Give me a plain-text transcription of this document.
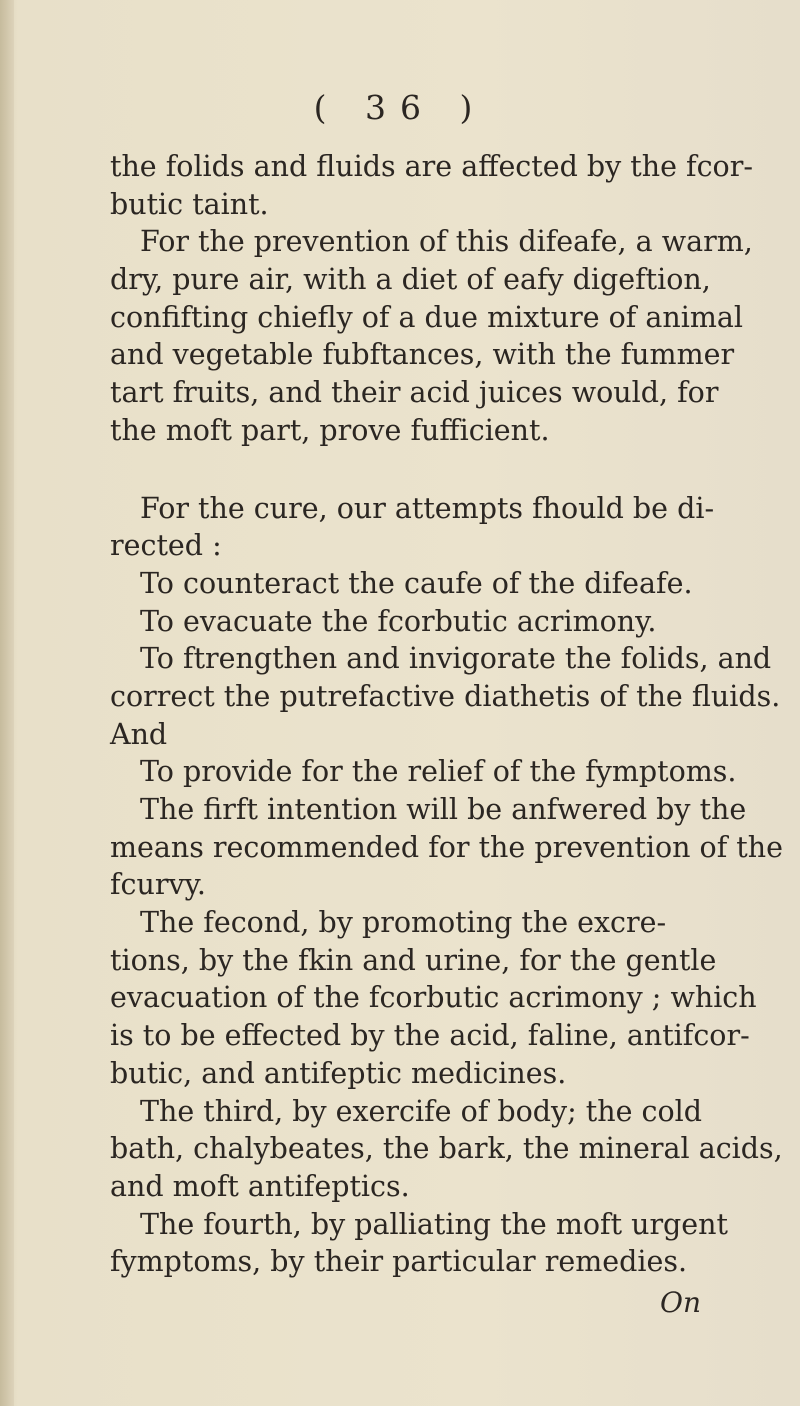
( 36 )
the folids and fluids are affected by the fcor-
butic taint.
For the prevention of this difeafe, a warm,
dry, pure air, with a diet of eafy digeftion,
confifting chiefly of a due mixture of animal
and vegetable fubftances, with the fummer
tart fruits, and their acid juices would, for
the moft part, prove fufficient.
For the cure, our attempts fhould be di-
rected :
To counteract the caufe of the difeafe.
To evacuate the fcorbutic acrimony.
To ftrengthen and invigorate the folids, and
correct the putrefactive diathetis of the fluids.
And
To provide for the relief of the fymptoms.
The firft intention will be anfwered by the
means recommended for the prevention of the
fcurvy.
The fecond, by promoting the excre-
tions, by the fkin and urine, for the gentle
evacuation of the fcorbutic acrimony ; which
is to be effected by the acid, faline, antifcor-
butic, and antifeptic medicines.
The third, by exercife of body; the cold
bath, chalybeates, the bark, the mineral acids,
and moft antifeptics.
The fourth, by palliating the moft urgent
fymptoms, by their particular remedies.
On
